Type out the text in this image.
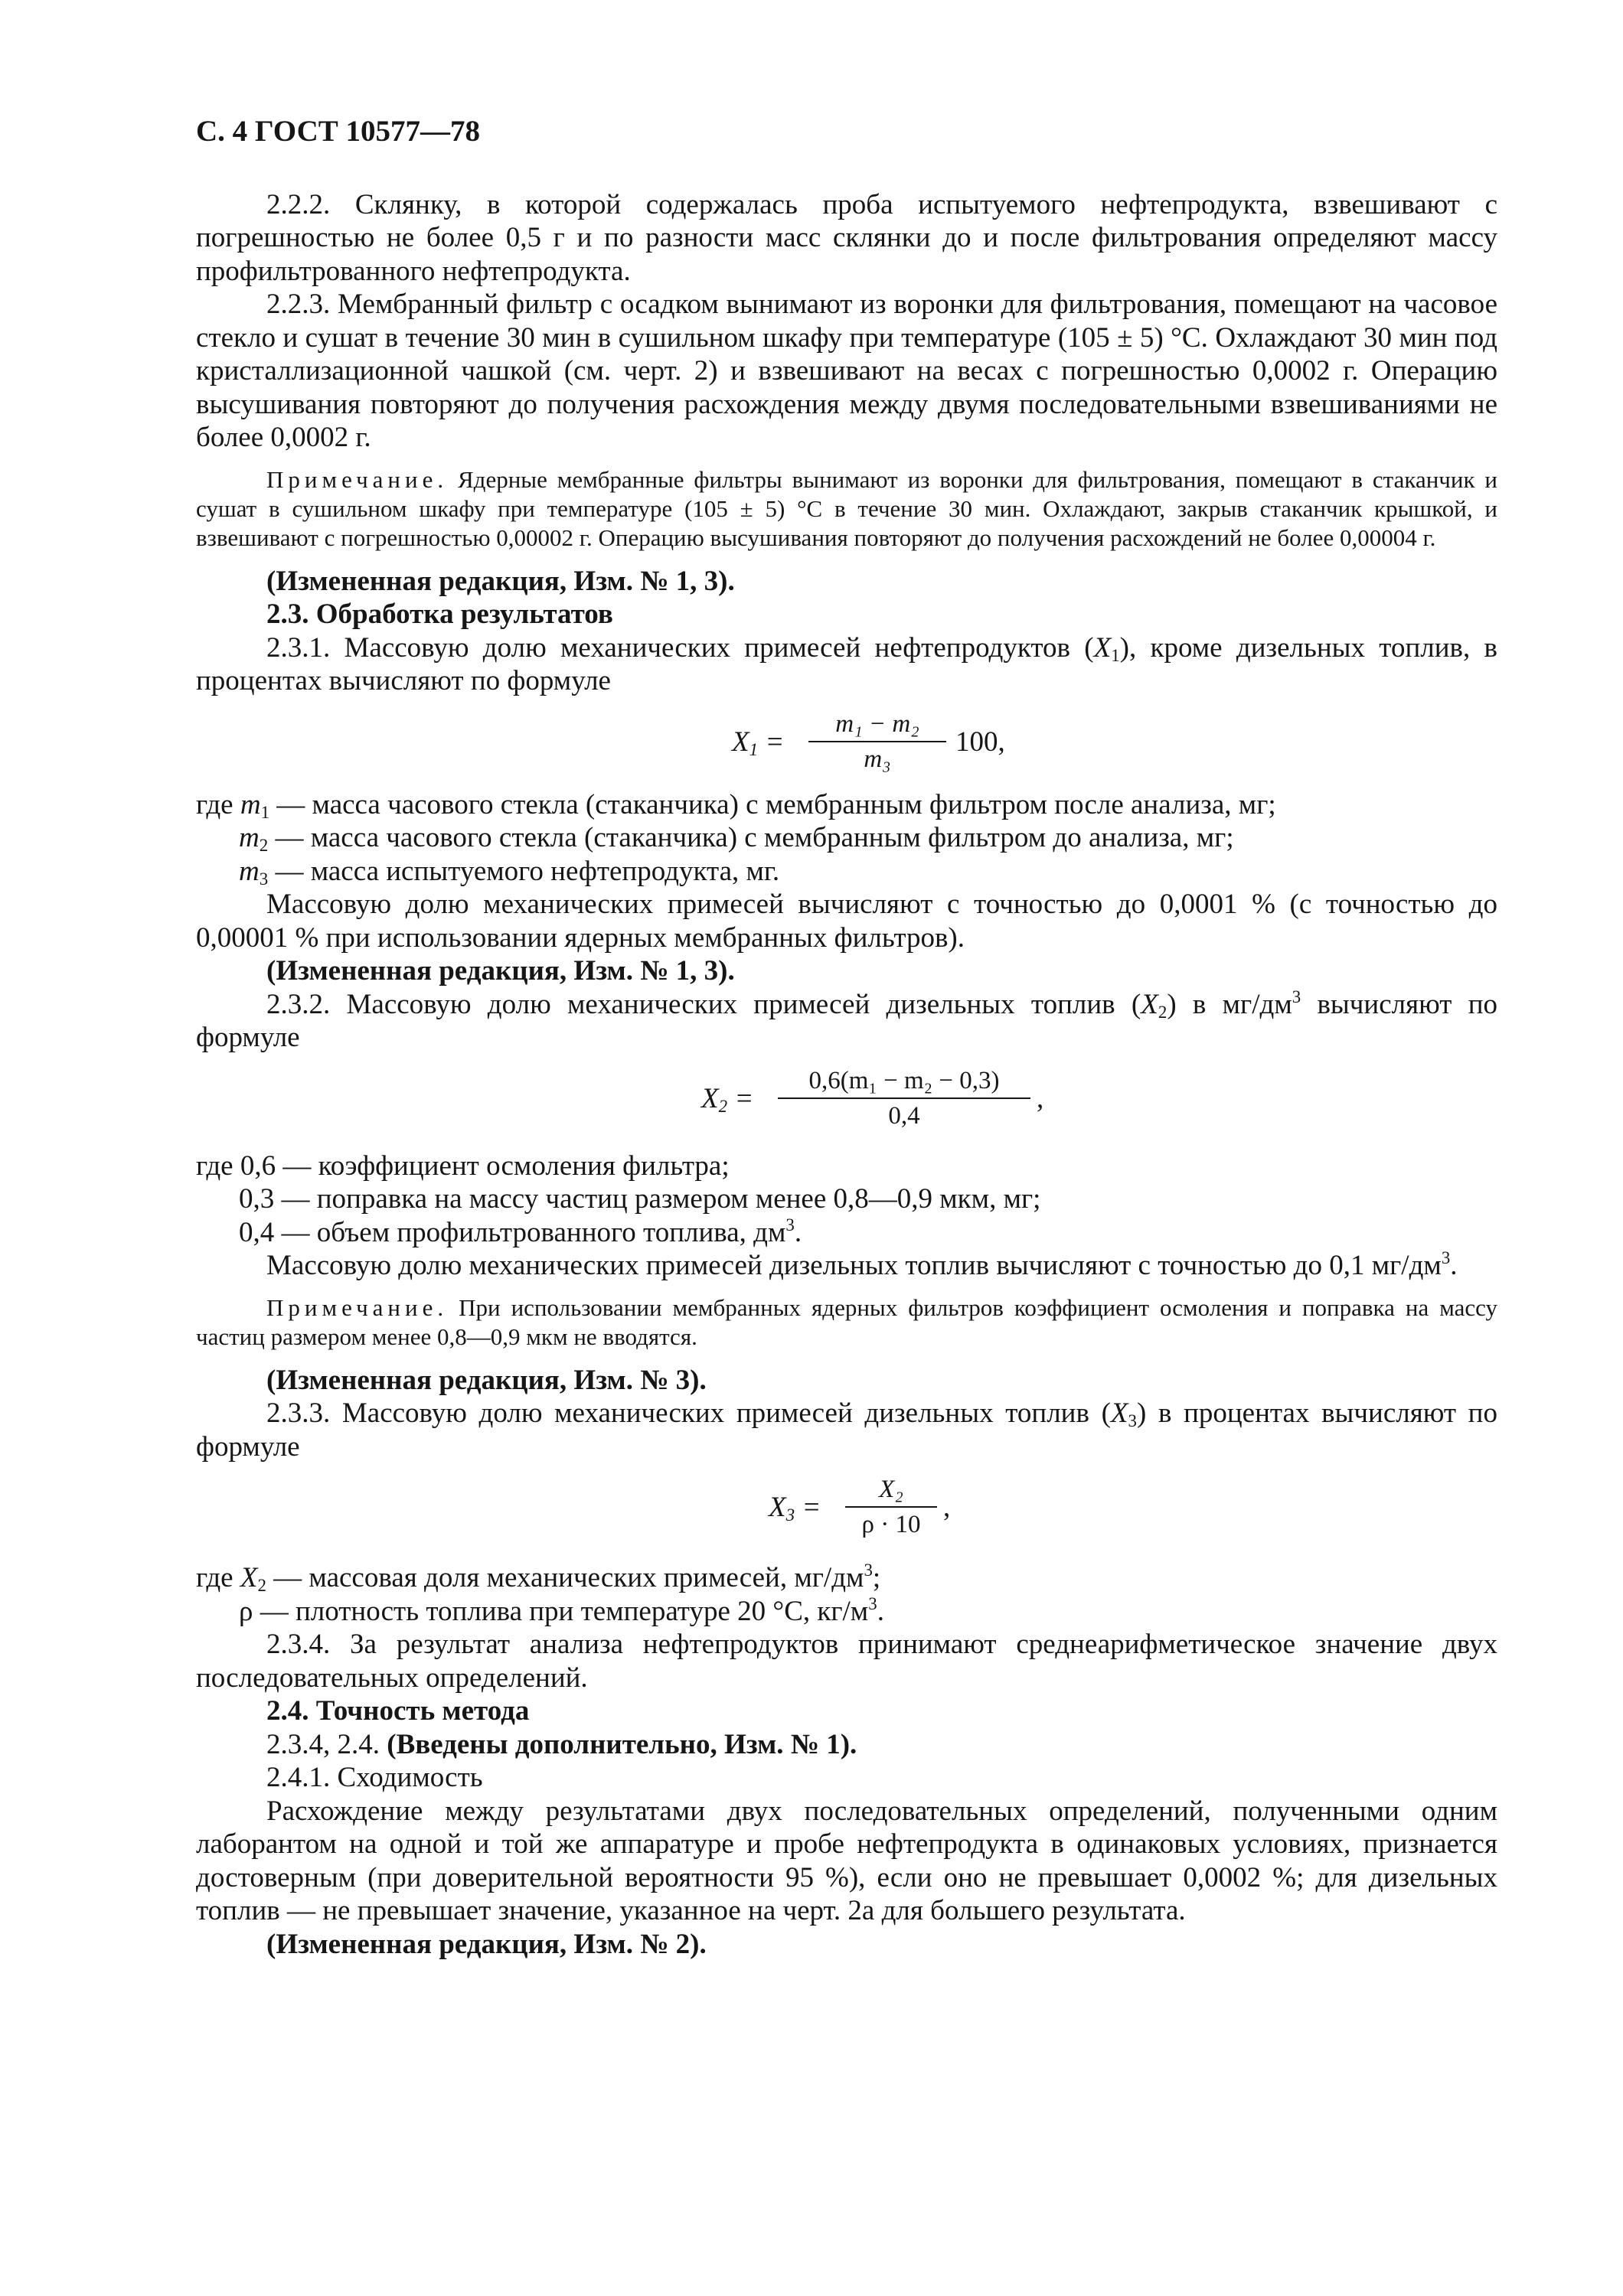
С. 4 ГОСТ 10577—78

2.2.2. Склянку, в которой содержалась проба испытуемого нефтепродукта, взвешивают с погрешностью не более 0,5 г и по разности масс склянки до и после фильтрования определяют массу профильтрованного нефтепродукта.

2.2.3. Мембранный фильтр с осадком вынимают из воронки для фильтрования, помещают на часовое стекло и сушат в течение 30 мин в сушильном шкафу при температуре (105 ± 5) °С. Охлаждают 30 мин под кристаллизационной чашкой (см. черт. 2) и взвешивают на весах с погрешностью 0,0002 г. Операцию высушивания повторяют до получения расхождения между двумя последовательными взвешиваниями не более 0,0002 г.

Примечание. Ядерные мембранные фильтры вынимают из воронки для фильтрования, помещают в стаканчик и сушат в сушильном шкафу при температуре (105 ± 5) °С в течение 30 мин. Охлаждают, закрыв стаканчик крышкой, и взвешивают с погрешностью 0,00002 г. Операцию высушивания повторяют до получения расхождений не более 0,00004 г.

(Измененная редакция, Изм. № 1, 3).

2.3. Обработка результатов

2.3.1. Массовую долю механических примесей нефтепродуктов $(X_1)$, кроме дизельных топлив, в процентах вычисляют по формуле

$X_1 = \frac{\text{m₁ − m₂}}{\text{m₃}} 100$,

где $m_1$ — масса часового стекла (стаканчика) с мембранным фильтром после анализа, мг;

$m_2$ — масса часового стекла (стаканчика) с мембранным фильтром до анализа, мг;

$m_3$ — масса испытуемого нефтепродукта, мг.

Массовую долю механических примесей вычисляют с точностью до 0,0001 % (с точностью до 0,00001 % при использовании ядерных мембранных фильтров).

(Измененная редакция, Изм. № 1, 3).

2.3.2. Массовую долю механических примесей дизельных топлив $(X_2)$ в $мг/дм^3$ вычисляют по формуле

$X_2 = \frac{\text{0,6(m₁ − m₂ − 0,3)}}{0,4}$ ,

где 0,6 — коэффициент осмоления фильтра;

0,3 — поправка на массу частиц размером менее 0,8—0,9 мкм, мг;

0,4 — объем профильтрованного топлива, $дм^3$.

Массовую долю механических примесей дизельных топлив вычисляют с точностью до 0,1 $мг/дм^3$.

Примечание. При использовании мембранных ядерных фильтров коэффициент осмоления и поправка на массу частиц размером менее 0,8—0,9 мкм не вводятся.

(Измененная редакция, Изм. № 3).

2.3.3. Массовую долю механических примесей дизельных топлив $(X_3)$ в процентах вычисляют по формуле

$X_3 = \frac{\text{X₂}}{\rho \cdot 10}$ ,

где $X_2$ — массовая доля механических примесей, $мг/дм^3$;

ρ — плотность топлива при температуре 20 °С, $кг/м^3$.

2.3.4. За результат анализа нефтепродуктов принимают среднеарифметическое значение двух последовательных определений.

2.4. Точность метода

2.3.4, 2.4. (Введены дополнительно, Изм. № 1).

2.4.1. Сходимость

Расхождение между результатами двух последовательных определений, полученными одним лаборантом на одной и той же аппаратуре и пробе нефтепродукта в одинаковых условиях, признается достоверным (при доверительной вероятности 95 %), если оно не превышает 0,0002 %; для дизельных топлив — не превышает значение, указанное на черт. 2а для большего результата.

(Измененная редакция, Изм. № 2).
